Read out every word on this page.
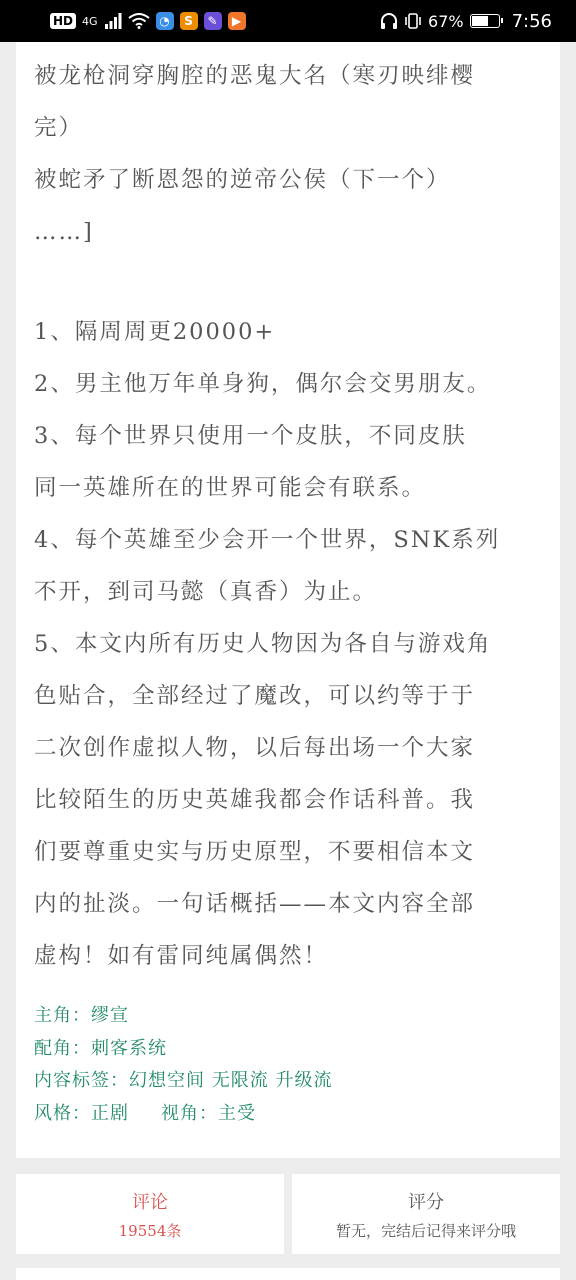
HD 4G	◔	S	✎	▶	67%	7:56
被龙枪洞穿胸腔的恶鬼大名（寒刃映绯樱
完）
被蛇矛了断恩怨的逆帝公侯（下一个）
……]
1、隔周周更20000+
2、男主他万年单身狗，偶尔会交男朋友。
3、每个世界只使用一个皮肤，不同皮肤
同一英雄所在的世界可能会有联系。
4、每个英雄至少会开一个世界，SNK系列
不开，到司马懿（真香）为止。
5、本文内所有历史人物因为各自与游戏角
色贴合，全部经过了魔改，可以约等于于
二次创作虚拟人物，以后每出场一个大家
比较陌生的历史英雄我都会作话科普。我
们要尊重史实与历史原型，不要相信本文
内的扯淡。一句话概括——本文内容全部
虚构！如有雷同纯属偶然！
主角：缪宣
配角：刺客系统
内容标签：幻想空间 无限流 升级流
风格：正剧 视角：主受
评论
19554条
评分
暂无，完结后记得来评分哦
